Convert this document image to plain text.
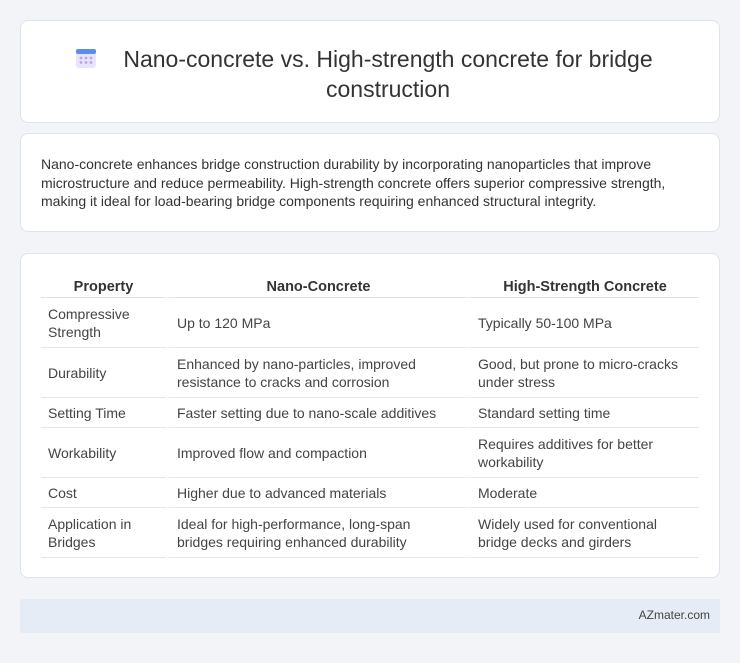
Nano-concrete vs. High-strength concrete for bridge construction

Nano-concrete enhances bridge construction durability by incorporating nanoparticles that improve microstructure and reduce permeability. High-strength concrete offers superior compressive strength, making it ideal for load-bearing bridge components requiring enhanced structural integrity.

Property	Nano-Concrete	High-Strength Concrete
Compressive Strength	Up to 120 MPa	Typically 50-100 MPa
Durability	Enhanced by nano-particles, improved resistance to cracks and corrosion	Good, but prone to micro-cracks under stress
Setting Time	Faster setting due to nano-scale additives	Standard setting time
Workability	Improved flow and compaction	Requires additives for better workability
Cost	Higher due to advanced materials	Moderate
Application in Bridges	Ideal for high-performance, long-span bridges requiring enhanced durability	Widely used for conventional bridge decks and girders
AZmater.com
